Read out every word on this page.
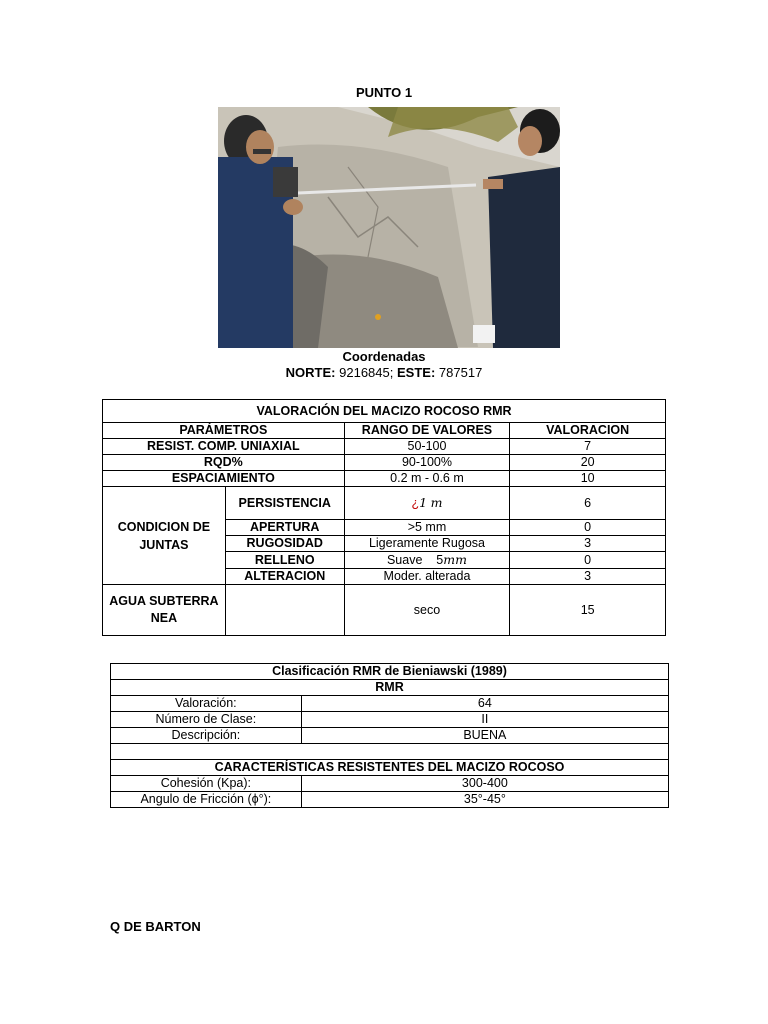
PUNTO 1
Coordenadas
NORTE: 9216845; ESTE: 787517
VALORACIÓN DEL MACIZO ROCOSO RMR			
PARÁMETROS		RANGO DE VALORES	VALORACION
RESIST. COMP. UNIAXIAL		50-100	7
RQD%		90-100%	20
ESPACIAMIENTO		0.2 m - 0.6 m	10
CONDICION DE JUNTAS	PERSISTENCIA	¿1 m	6
	APERTURA	>5 mm	0
	RUGOSIDAD	Ligeramente Rugosa	3
	RELLENO	Suave    5mm	0
	ALTERACION	Moder. alterada	3
AGUA SUBTERRANEA		seco	15
Clasificación RMR de Bieniawski (1989)	
RMR	
Valoración:	64
Número de Clase:	II
Descripción:	BUENA

CARACTERÍSTICAS RESISTENTES DEL MACIZO ROCOSO	
Cohesión (Kpa):	300-400
Angulo de Fricción (ϕ°):	35°-45°
Q DE BARTON
